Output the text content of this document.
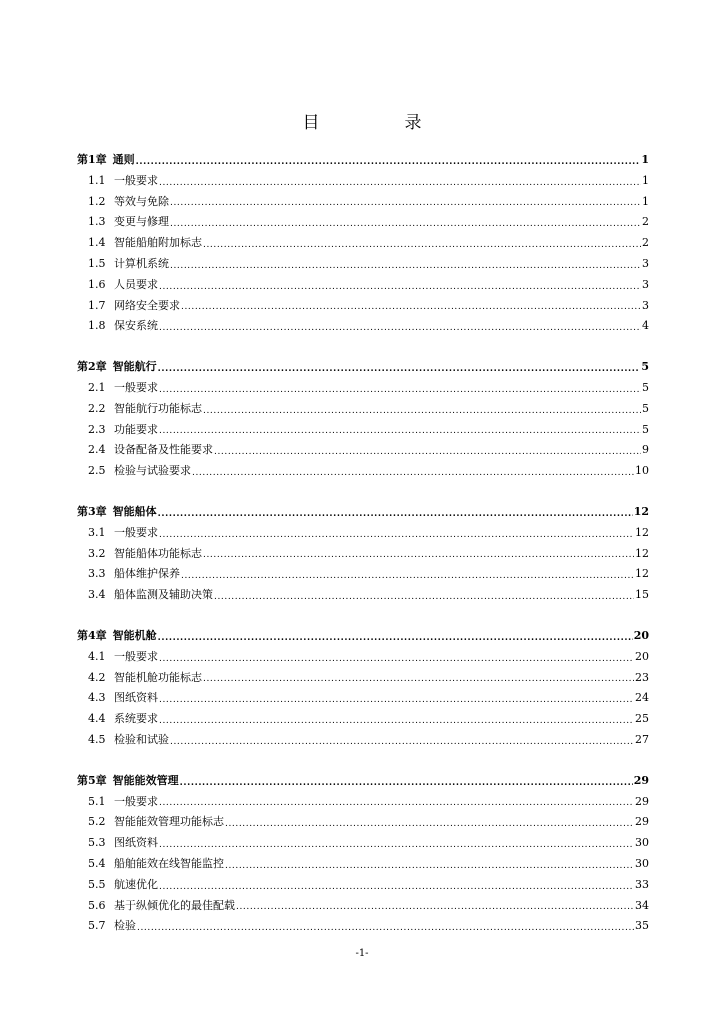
目　录
第1章 通则 .....	1
1.1 一般要求 .....	1
1.2 等效与免除 .....	1
1.3 变更与修理 .....	2
1.4 智能船舶附加标志 .....	2
1.5 计算机系统 .....	3
1.6 人员要求 .....	3
1.7 网络安全要求 .....	3
1.8 保安系统 .....	4
第2章 智能航行 .....	5
2.1 一般要求 .....	5
2.2 智能航行功能标志 .....	5
2.3 功能要求 .....	5
2.4 设备配备及性能要求 .....	9
2.5 检验与试验要求 .....	10
第3章 智能船体 .....	12
3.1 一般要求 .....	12
3.2 智能船体功能标志 .....	12
3.3 船体维护保养 .....	12
3.4 船体监测及辅助决策 .....	15
第4章 智能机舱 .....	20
4.1 一般要求 .....	20
4.2 智能机舱功能标志 .....	23
4.3 图纸资料 .....	24
4.4 系统要求 .....	25
4.5 检验和试验 .....	27
第5章 智能能效管理 .....	29
5.1 一般要求 .....	29
5.2 智能能效管理功能标志 .....	29
5.3 图纸资料 .....	30
5.4 船舶能效在线智能监控 .....	30
5.5 航速优化 .....	33
5.6 基于纵倾优化的最佳配载 .....	34
5.7 检验 .....	35
-1-
